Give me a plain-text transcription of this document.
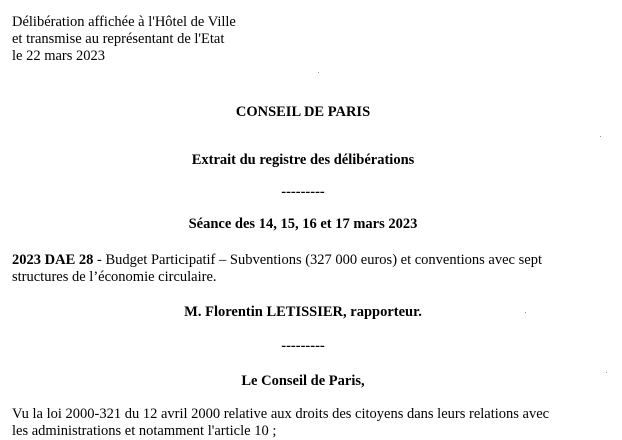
Délibération affichée à l'Hôtel de Ville
et transmise au représentant de l'Etat
le 22 mars 2023
CONSEIL DE PARIS
Extrait du registre des délibérations
---------
Séance des 14, 15, 16 et 17 mars 2023
2023 DAE 28 - Budget Participatif – Subventions (327 000 euros) et conventions avec sept
structures de l’économie circulaire.
M. Florentin LETISSIER, rapporteur.
---------
Le Conseil de Paris,
Vu la loi 2000-321 du 12 avril 2000 relative aux droits des citoyens dans leurs relations avec
les administrations et notamment l'article 10 ;
